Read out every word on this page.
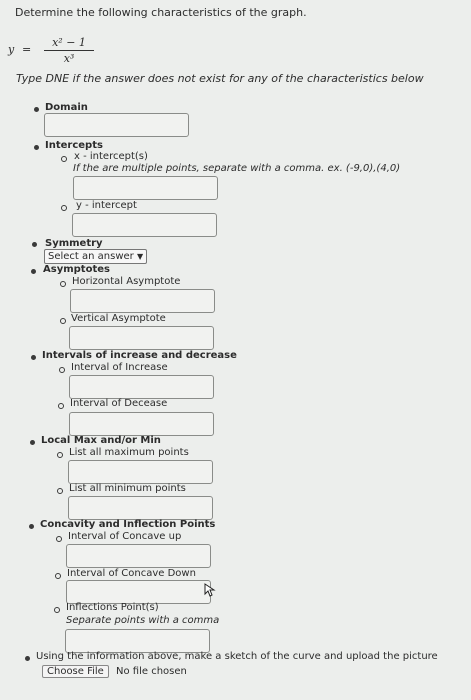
Determine the following characteristics of the graph.
y =
x² − 1
x³
Type DNE if the answer does not exist for any of the characteristics below
Domain
Intercepts
x - intercept(s)
If the are multiple points, separate with a comma. ex. (-9,0),(4,0)
y - intercept
Symmetry
Select an answer ▼
Asymptotes
Horizontal Asymptote
Vertical Asymptote
Intervals of increase and decrease
Interval of Increase
Interval of Decease
Local Max and/or Min
List all maximum points
List all minimum points
Concavity and Inflection Points
Interval of Concave up
Interval of Concave Down
Inflections Point(s)
Separate points with a comma
Using the information above, make a sketch of the curve and upload the picture
Choose File No file chosen
